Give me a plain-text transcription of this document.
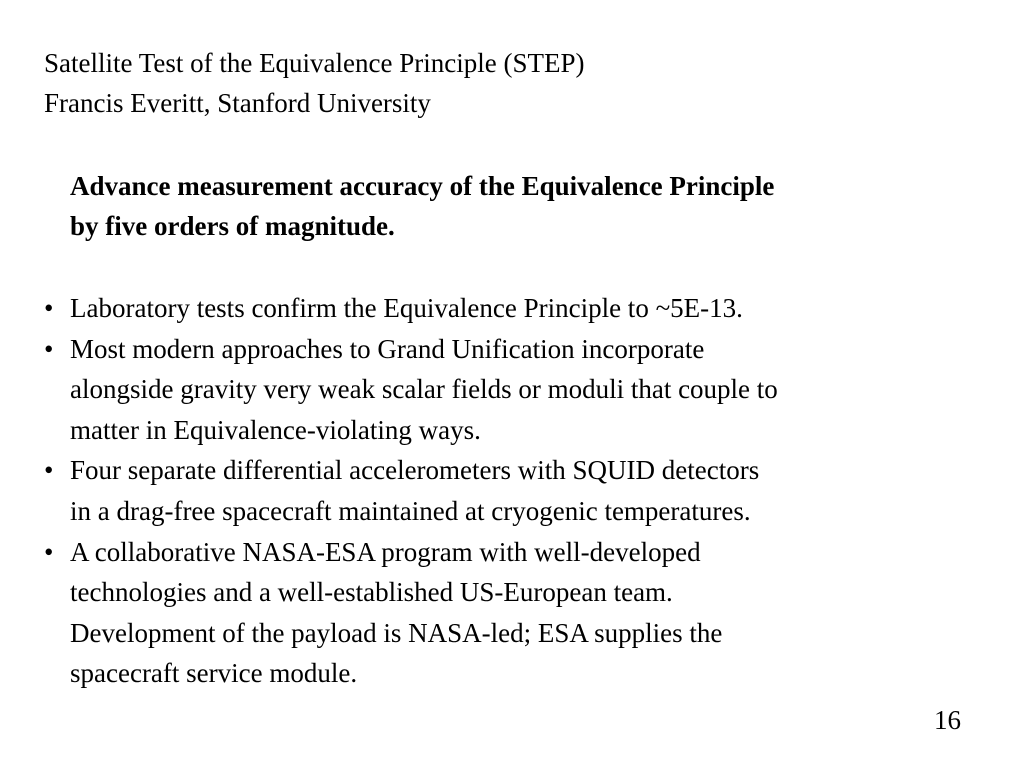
Satellite Test of the Equivalence Principle (STEP)
Francis Everitt, Stanford University
Advance measurement accuracy of the Equivalence Principle
by five orders of magnitude.
• Laboratory tests confirm the Equivalence Principle to ~5E-13.
• Most modern approaches to Grand Unification incorporate
alongside gravity very weak scalar fields or moduli that couple to
matter in Equivalence-violating ways.
• Four separate differential accelerometers with SQUID detectors
in a drag-free spacecraft maintained at cryogenic temperatures.
• A collaborative NASA-ESA program with well-developed
technologies and a well-established US-European team.
Development of the payload is NASA-led; ESA supplies the
spacecraft service module.
16
